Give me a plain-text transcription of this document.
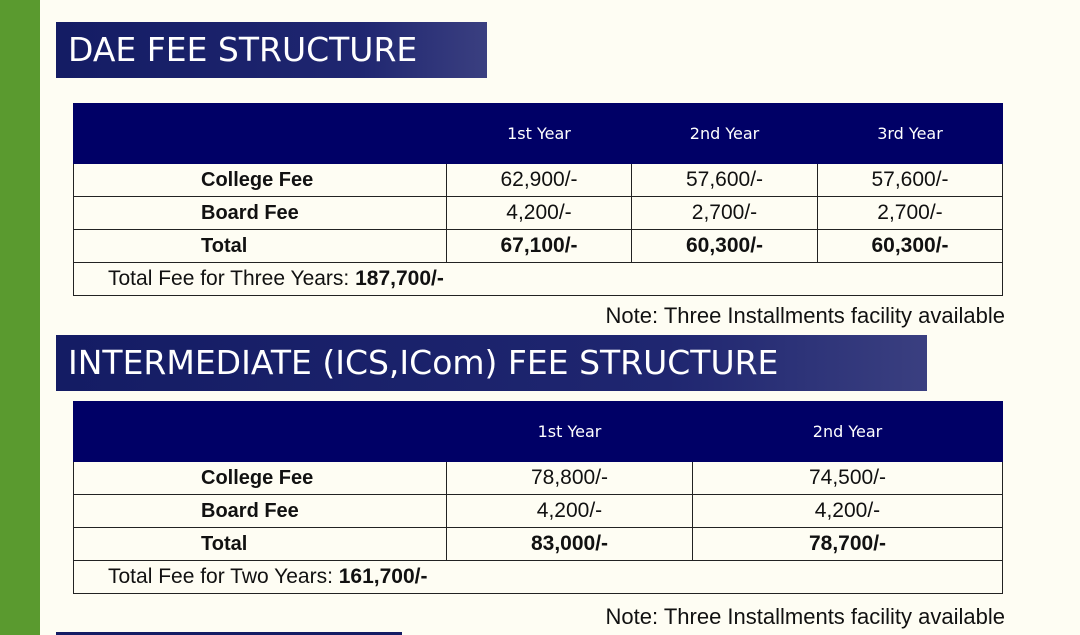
DAE FEE STRUCTURE
	1st Year	2nd Year	3rd Year
College Fee	62,900/-	57,600/-	57,600/-
Board Fee	4,200/-	2,700/-	2,700/-
Total	67,100/-	60,300/-	60,300/-
Total Fee for Three Years: 187,700/-			
Note: Three Installments facility available
INTERMEDIATE (ICS,ICom) FEE STRUCTURE
	1st Year	2nd Year
College Fee	78,800/-	74,500/-
Board Fee	4,200/-	4,200/-
Total	83,000/-	78,700/-
Total Fee for Two Years: 161,700/-		
Note: Three Installments facility available
